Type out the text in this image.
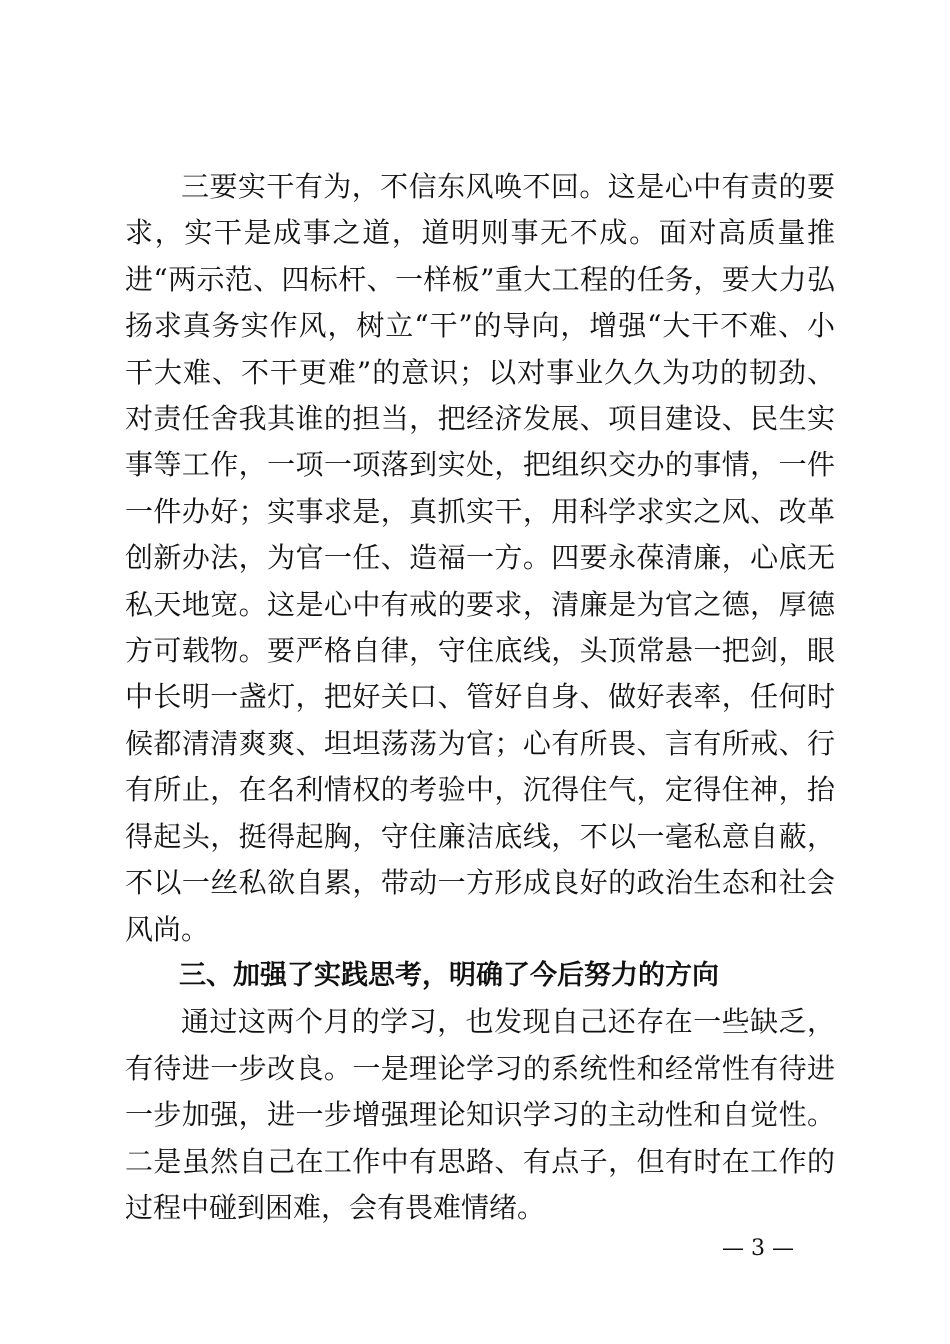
三要实干有为，不信东风唤不回。这是心中有责的要求，实干是成事之道，道明则事无不成。面对高质量推进“两示范、四标杆、一样板”重大工程的任务，要大力弘扬求真务实作风，树立“干”的导向，增强“大干不难、小干大难、不干更难”的意识；以对事业久久为功的韧劲、对责任舍我其谁的担当，把经济发展、项目建设、民生实事等工作，一项一项落到实处，把组织交办的事情，一件一件办好；实事求是，真抓实干，用科学求实之风、改革创新办法，为官一任、造福一方。四要永葆清廉，心底无私天地宽。这是心中有戒的要求，清廉是为官之德，厚德方可载物。要严格自律，守住底线，头顶常悬一把剑，眼中长明一盏灯，把好关口、管好自身、做好表率，任何时候都清清爽爽、坦坦荡荡为官；心有所畏、言有所戒、行有所止，在名利情权的考验中，沉得住气，定得住神，抬得起头，挺得起胸，守住廉洁底线，不以一毫私意自蔽，不以一丝私欲自累，带动一方形成良好的政治生态和社会风尚。

三、加强了实践思考，明确了今后努力的方向

通过这两个月的学习，也发现自己还存在一些缺乏，有待进一步改良。一是理论学习的系统性和经常性有待进一步加强，进一步增强理论知识学习的主动性和自觉性。二是虽然自己在工作中有思路、有点子，但有时在工作的过程中碰到困难，会有畏难情绪。

— 3 —
